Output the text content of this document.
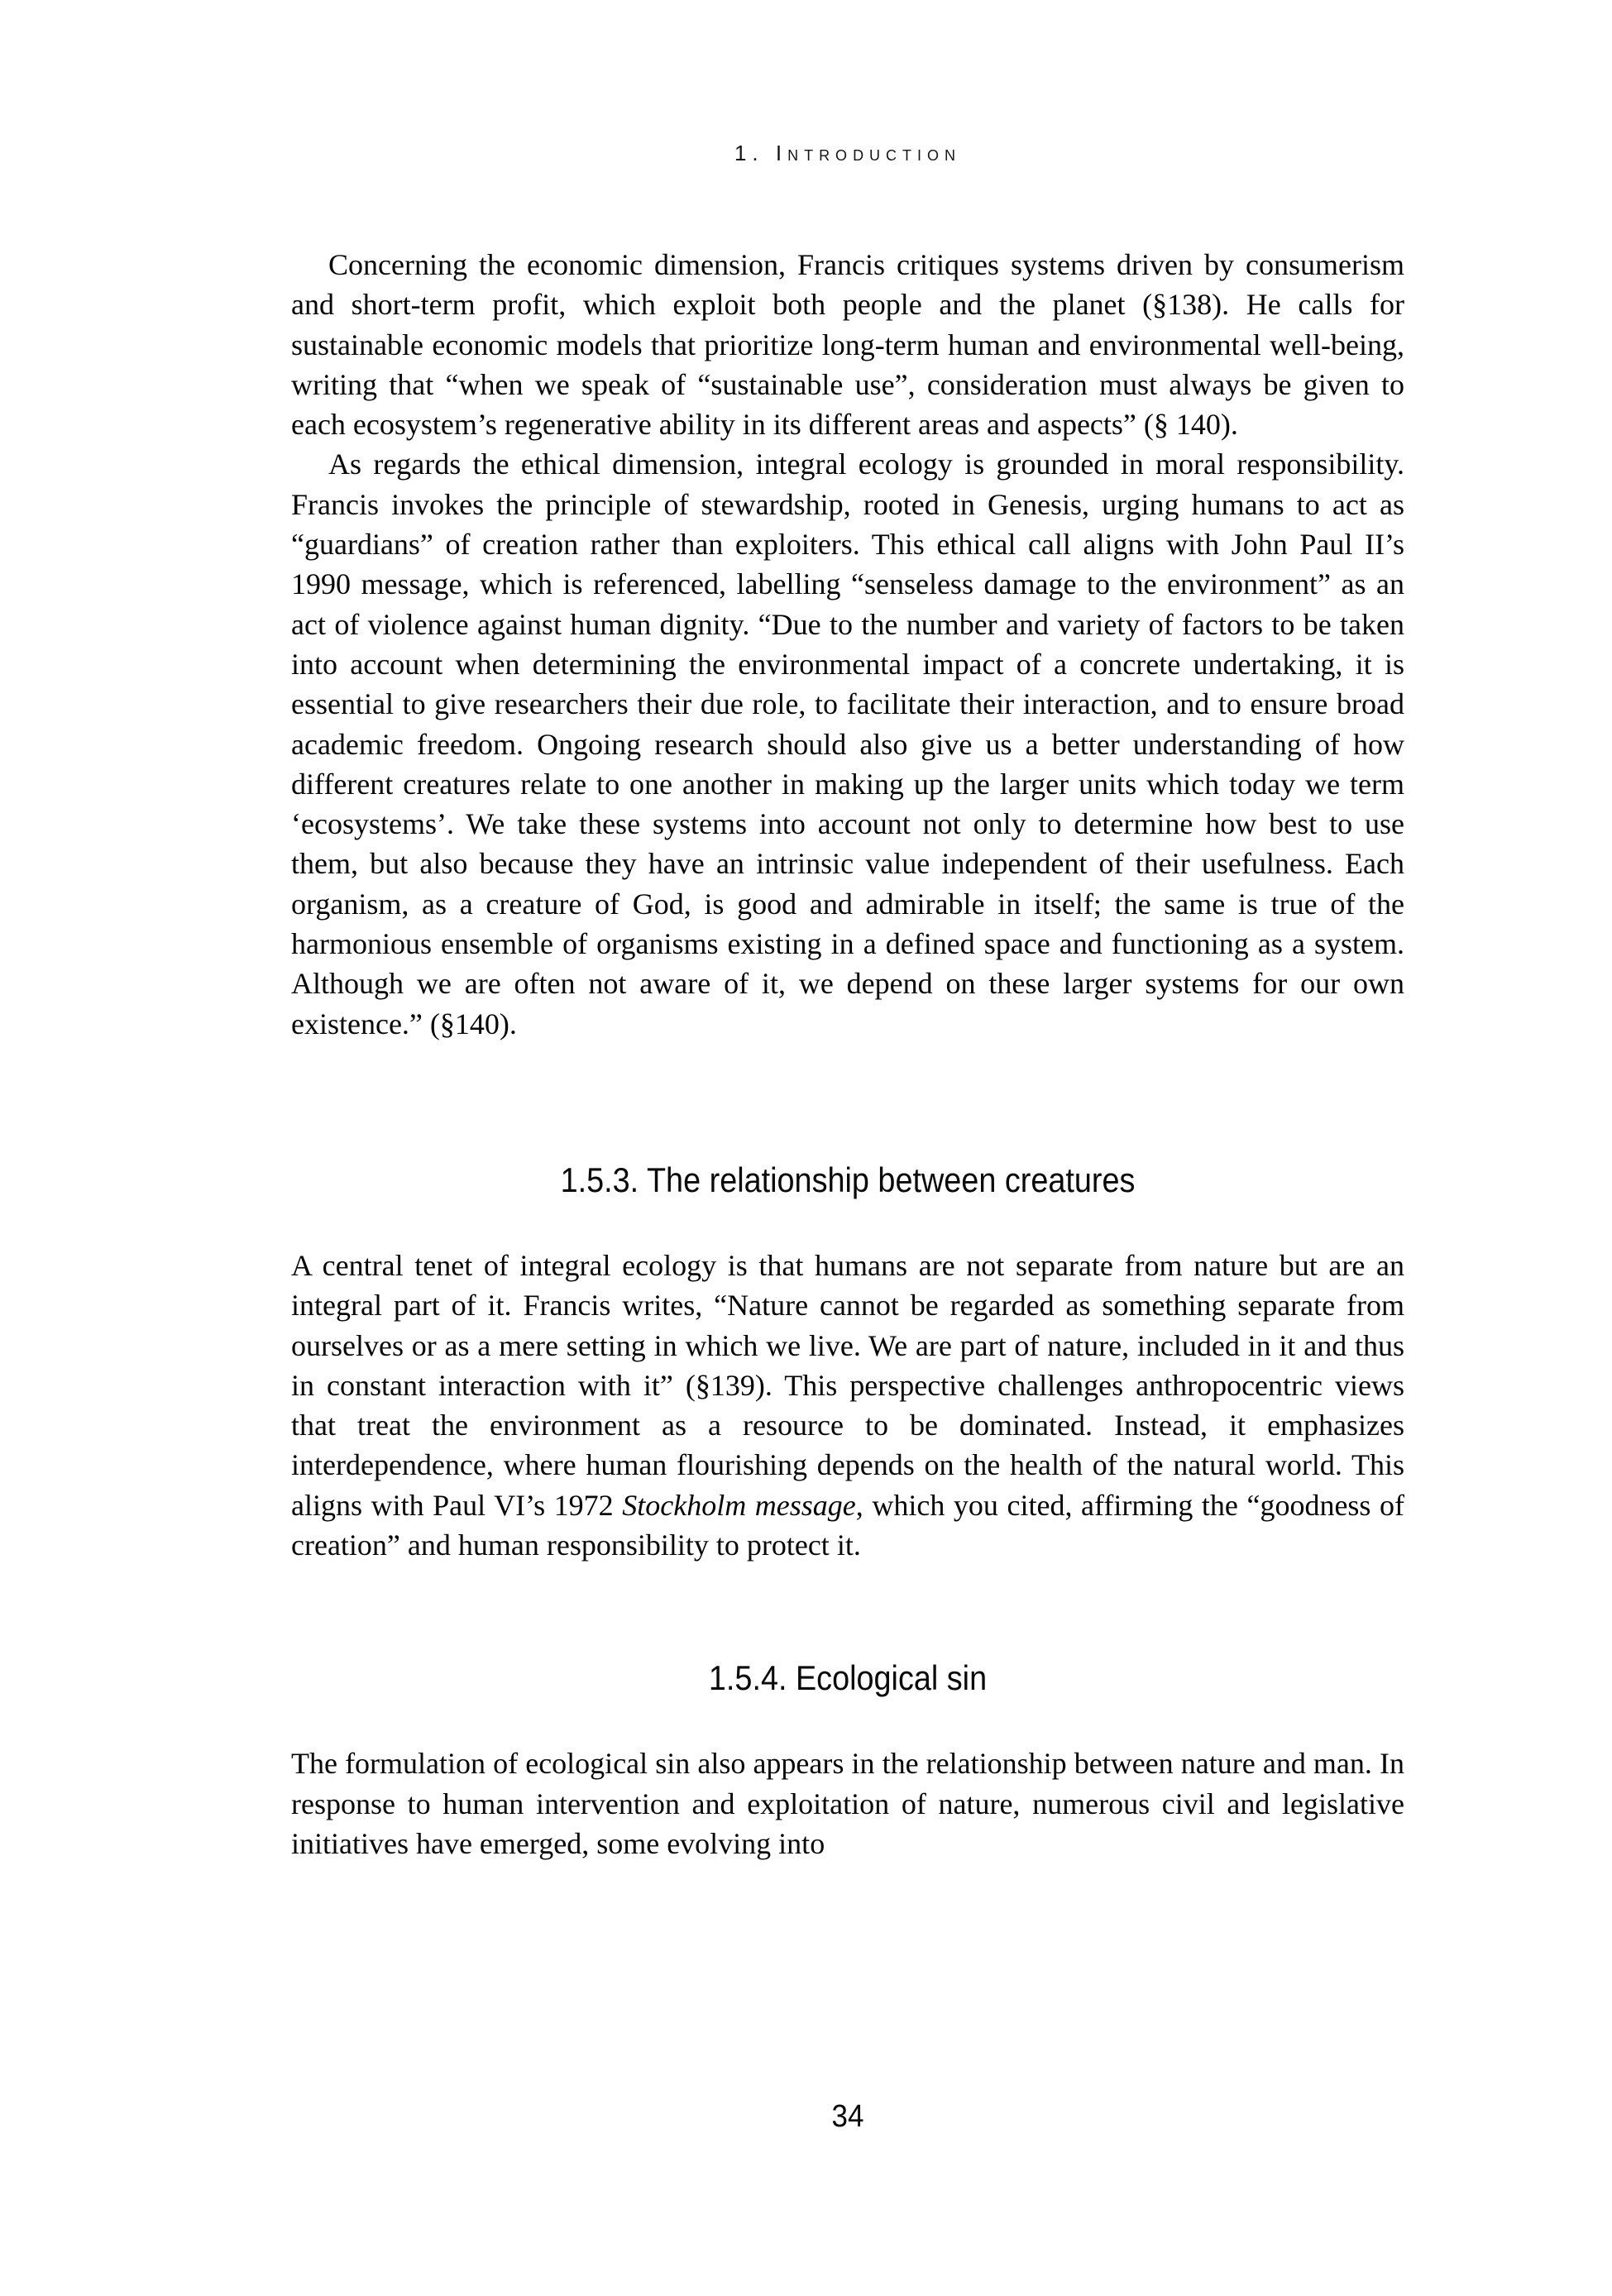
1. Introduction

Concerning the economic dimension, Francis critiques systems driven by consumerism and short-term profit, which exploit both people and the planet (§138). He calls for sustainable economic models that prioritize long-term human and environmental well-being, writing that “when we speak of “sustainable use”, consideration must always be given to each ecosystem’s regenerative ability in its different areas and aspects” (§ 140).

As regards the ethical dimension, integral ecology is grounded in moral responsibility. Francis invokes the principle of stewardship, rooted in Genesis, urging humans to act as “guardians” of creation rather than exploiters. This ethical call aligns with John Paul II’s 1990 message, which is referenced, labelling “senseless damage to the environment” as an act of violence against human dignity. “Due to the number and variety of factors to be taken into account when determining the environmental impact of a concrete undertaking, it is essential to give researchers their due role, to facilitate their interaction, and to ensure broad academic freedom. Ongoing research should also give us a better understanding of how different creatures relate to one another in making up the larger units which today we term ‘ecosystems’. We take these systems into account not only to determine how best to use them, but also because they have an intrinsic value independent of their usefulness. Each organism, as a creature of God, is good and admirable in itself; the same is true of the harmonious ensemble of organisms existing in a defined space and functioning as a system. Although we are often not aware of it, we depend on these larger systems for our own existence.” (§140).

1.5.3. The relationship between creatures

A central tenet of integral ecology is that humans are not separate from nature but are an integral part of it. Francis writes, “Nature cannot be regarded as something separate from ourselves or as a mere setting in which we live. We are part of nature, included in it and thus in constant interaction with it” (§139). This perspective challenges anthropocentric views that treat the environment as a resource to be dominated. Instead, it emphasizes interdependence, where human flourishing depends on the health of the natural world. This aligns with Paul VI’s 1972 Stockholm message, which you cited, affirming the “goodness of creation” and human responsibility to protect it.

1.5.4. Ecological sin

The formulation of ecological sin also appears in the relationship between nature and man. In response to human intervention and exploitation of nature, numerous civil and legislative initiatives have emerged, some evolving into

34
